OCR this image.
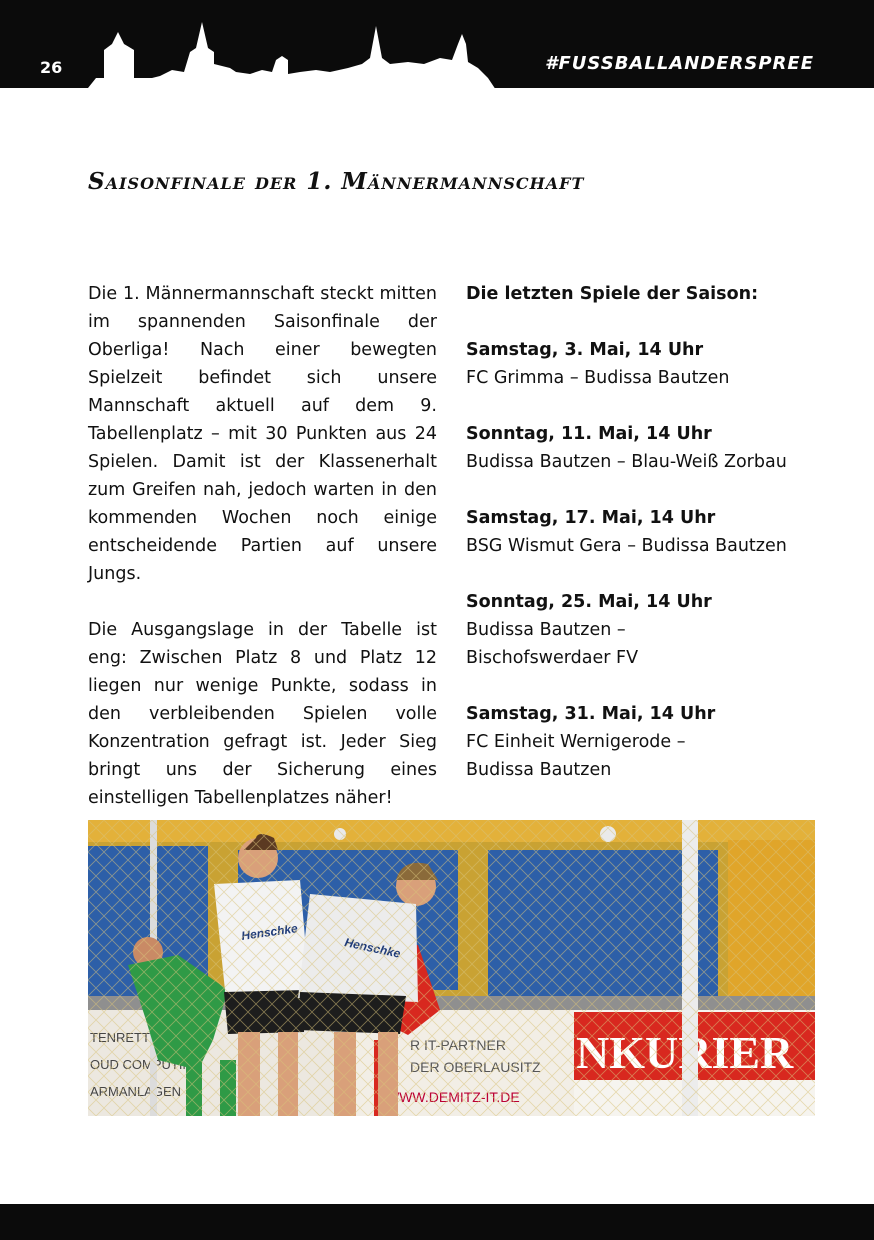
26	#FUSSBALLANDERSPREE
Saisonfinale der 1. Männermannschaft

Die 1. Männermannschaft steckt mitten im spannenden Saisonfinale der Oberliga! Nach einer bewegten Spielzeit befindet sich unsere Mannschaft aktuell auf dem 9. Tabellenplatz – mit 30 Punkten aus 24 Spielen. Damit ist der Klassenerhalt zum Greifen nah, jedoch warten in den kommenden Wochen noch einige entscheidende Partien auf unsere Jungs.

Die Ausgangslage in der Tabelle ist eng: Zwischen Platz 8 und Platz 12 liegen nur wenige Punkte, sodass in den verbleibenden Spielen volle Konzentration gefragt ist. Jeder Sieg bringt uns der Sicherung eines einstelligen Tabellenplatzes näher!

Die letzten Spiele der Saison:
Samstag, 3. Mai, 14 Uhr
FC Grimma – Budissa Bautzen
Sonntag, 11. Mai, 14 Uhr
Budissa Bautzen – Blau-Weiß Zorbau
Samstag, 17. Mai, 14 Uhr
BSG Wismut Gera – Budissa Bautzen
Sonntag, 25. Mai, 14 Uhr
Budissa Bautzen –
Bischofswerdaer FV
Samstag, 31. Mai, 14 Uhr
FC Einheit Wernigerode –
Budissa Bautzen
